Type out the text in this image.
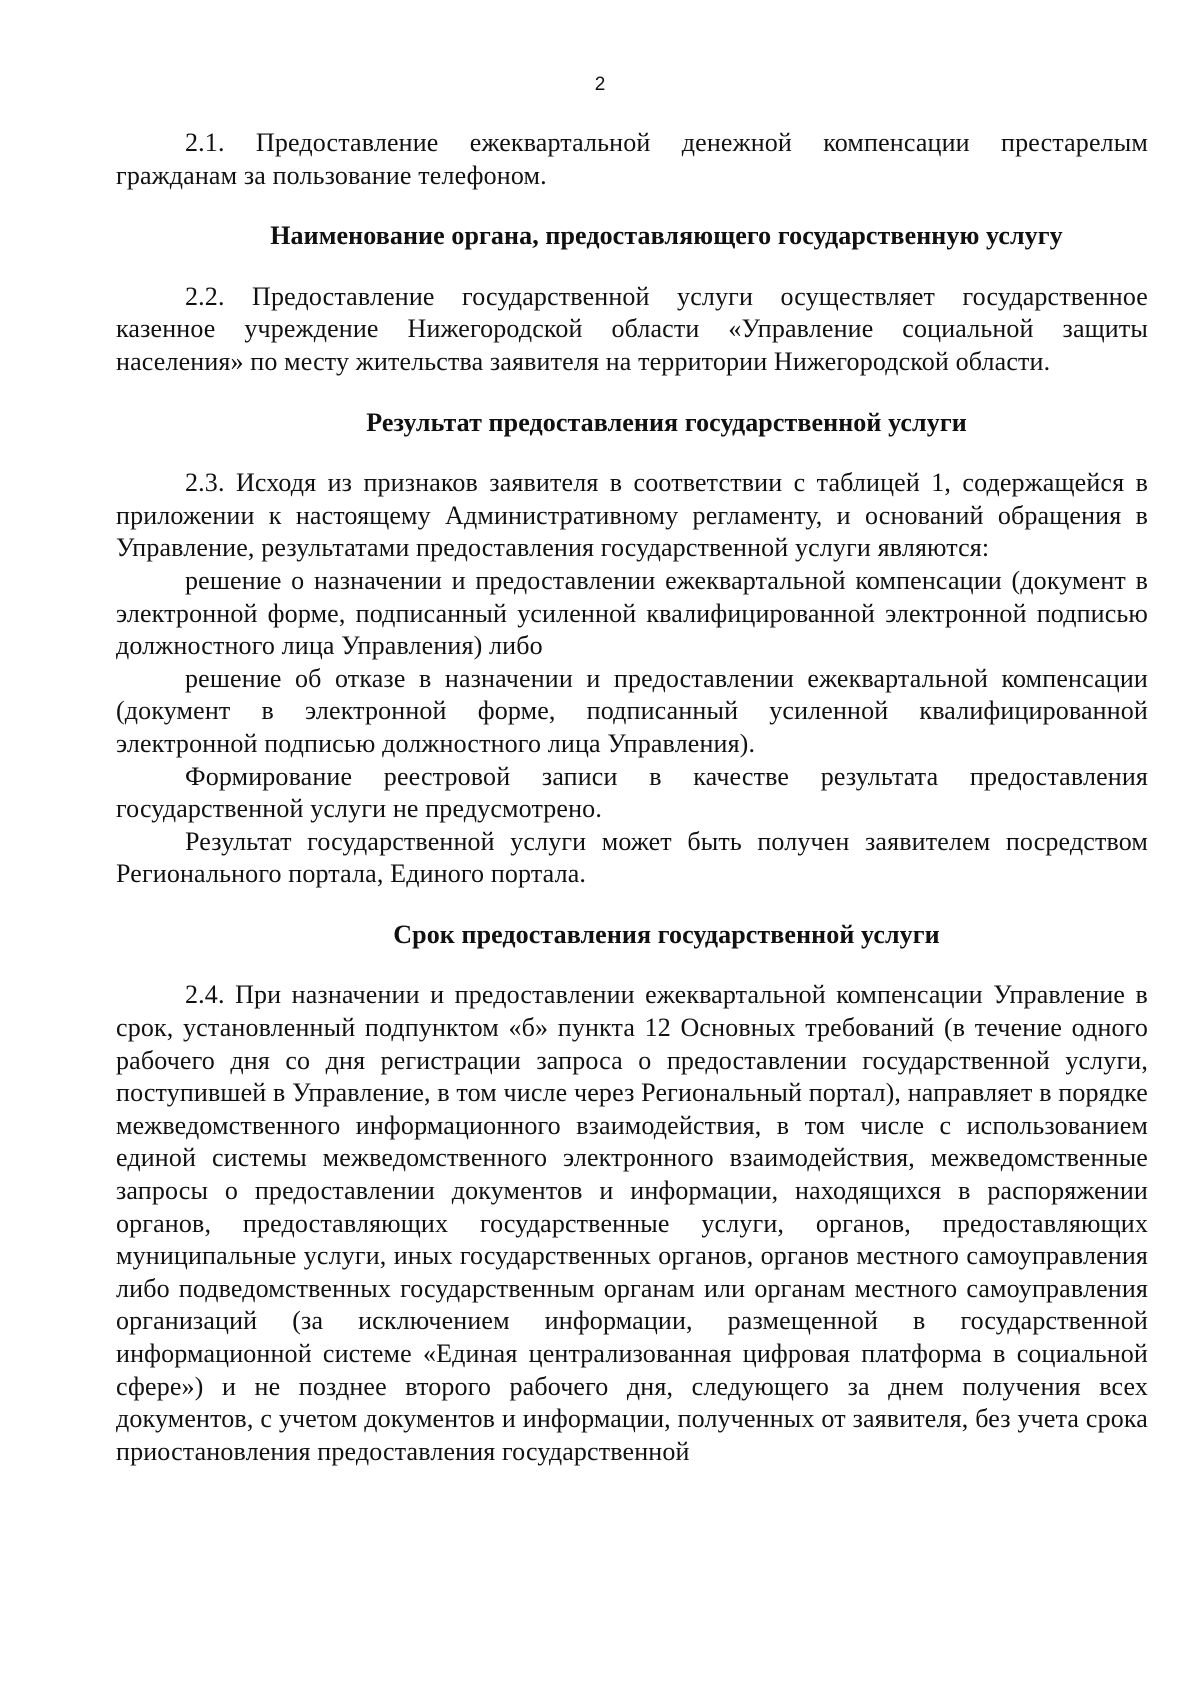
2

2.1. Предоставление ежеквартальной денежной компенсации престарелым гражданам за пользование телефоном.

Наименование органа, предоставляющего государственную услугу

2.2. Предоставление государственной услуги осуществляет государственное казенное учреждение Нижегородской области «Управление социальной защиты населения» по месту жительства заявителя на территории Нижегородской области.

Результат предоставления государственной услуги

2.3. Исходя из признаков заявителя в соответствии с таблицей 1, содержащейся в приложении к настоящему Административному регламенту, и оснований обращения в Управление, результатами предоставления государственной услуги являются:

решение о назначении и предоставлении ежеквартальной компенсации (документ в электронной форме, подписанный усиленной квалифицированной электронной подписью должностного лица Управления) либо

решение об отказе в назначении и предоставлении ежеквартальной компенсации (документ в электронной форме, подписанный усиленной квалифицированной электронной подписью должностного лица Управления).

Формирование реестровой записи в качестве результата предоставления государственной услуги не предусмотрено.

Результат государственной услуги может быть получен заявителем посредством Регионального портала, Единого портала.

Срок предоставления государственной услуги

2.4. При назначении и предоставлении ежеквартальной компенсации Управление в срок, установленный подпунктом «б» пункта 12 Основных требований (в течение одного рабочего дня со дня регистрации запроса о предоставлении государственной услуги, поступившей в Управление, в том числе через Региональный портал), направляет в порядке межведомственного информационного взаимодействия, в том числе с использованием единой системы межведомственного электронного взаимодействия, межведомственные запросы о предоставлении документов и информации, находящихся в распоряжении органов, предоставляющих государственные услуги, органов, предоставляющих муниципальные услуги, иных государственных органов, органов местного самоуправления либо подведомственных государственным органам или органам местного самоуправления организаций (за исключением информации, размещенной в государственной информационной системе «Единая централизованная цифровая платформа в социальной сфере») и не позднее второго рабочего дня, следующего за днем получения всех документов, с учетом документов и информации, полученных от заявителя, без учета срока приостановления предоставления государственной
